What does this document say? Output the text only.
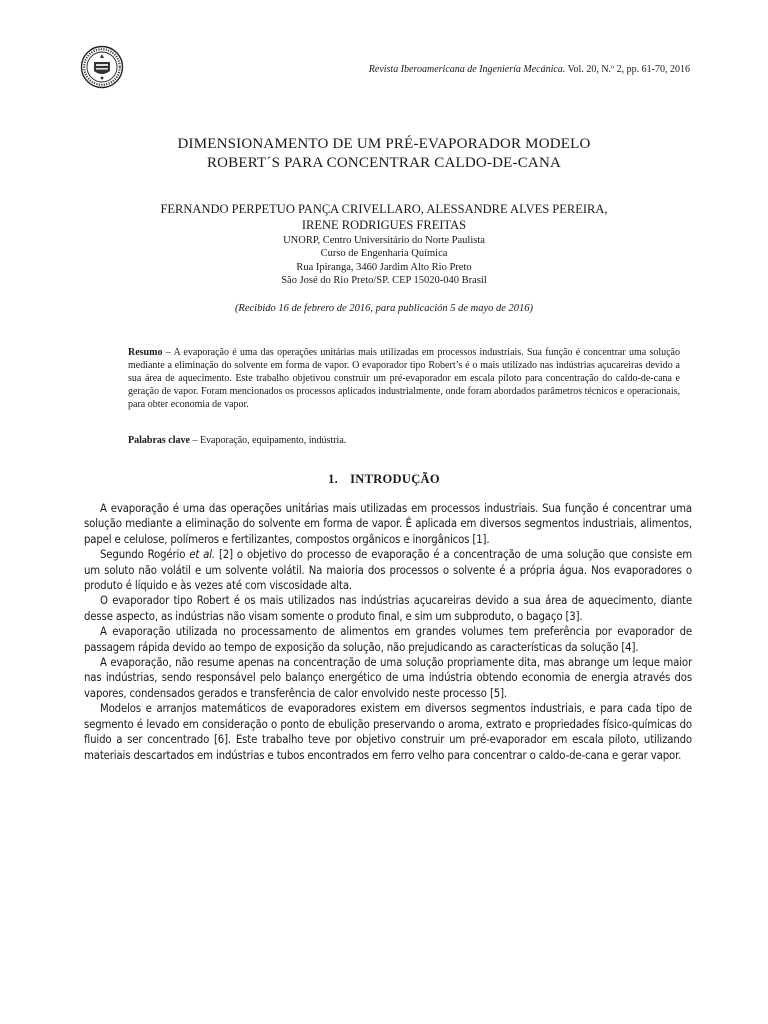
Revista Iberoamericana de Ingeniería Mecánica. Vol. 20, N.º 2, pp. 61-70, 2016
DIMENSIONAMENTO DE UM PRÉ-EVAPORADOR MODELO
ROBERT´S PARA CONCENTRAR CALDO-DE-CANA
FERNANDO PERPETUO PANÇA CRIVELLARO, ALESSANDRE ALVES PEREIRA,
IRENE RODRIGUES FREITAS
UNORP, Centro Universitário do Norte Paulista
Curso de Engenharia Química
Rua Ipiranga, 3460 Jardim Alto Rio Preto
São José do Rio Preto/SP. CEP 15020-040 Brasil
(Recibido 16 de febrero de 2016, para publicación 5 de mayo de 2016)
Resumo – A evaporação é uma das operações unitárias mais utilizadas em processos industriais. Sua função é concentrar uma solução mediante a eliminação do solvente em forma de vapor. O evaporador tipo Robert’s é o mais utilizado nas indústrias açucareiras devido a sua área de aquecimento. Este trabalho objetivou construir um pré-evaporador em escala piloto para concentração do caldo-de-cana e geração de vapor. Foram mencionados os processos aplicados industrialmente, onde foram abordados parâmetros técnicos e operacionais, para obter economia de vapor.
Palabras clave – Evaporação, equipamento, indústria.
1. INTRODUÇÃO

A evaporação é uma das operações unitárias mais utilizadas em processos industriais. Sua função é concentrar uma solução mediante a eliminação do solvente em forma de vapor. É aplicada em diversos segmentos industriais, alimentos, papel e celulose, polímeros e fertilizantes, compostos orgânicos e inorgânicos [1].

Segundo Rogério et al. [2] o objetivo do processo de evaporação é a concentração de uma solução que consiste em um soluto não volátil e um solvente volátil. Na maioria dos processos o solvente é a própria água. Nos evaporadores o produto é líquido e às vezes até com viscosidade alta.

O evaporador tipo Robert é os mais utilizados nas indústrias açucareiras devido a sua área de aquecimento, diante desse aspecto, as indústrias não visam somente o produto final, e sim um subproduto, o bagaço [3].

A evaporação utilizada no processamento de alimentos em grandes volumes tem preferência por evaporador de passagem rápida devido ao tempo de exposição da solução, não prejudicando as características da solução [4].

A evaporação, não resume apenas na concentração de uma solução propriamente dita, mas abrange um leque maior nas indústrias, sendo responsável pelo balanço energético de uma indústria obtendo economia de energia através dos vapores, condensados gerados e transferência de calor envolvido neste processo [5].

Modelos e arranjos matemáticos de evaporadores existem em diversos segmentos industriais, e para cada tipo de segmento é levado em consideração o ponto de ebulição preservando o aroma, extrato e propriedades físico-químicas do fluido a ser concentrado [6]. Este trabalho teve por objetivo construir um pré-evaporador em escala piloto, utilizando materiais descartados em indústrias e tubos encontrados em ferro velho para concentrar o caldo-de-cana e gerar vapor.
